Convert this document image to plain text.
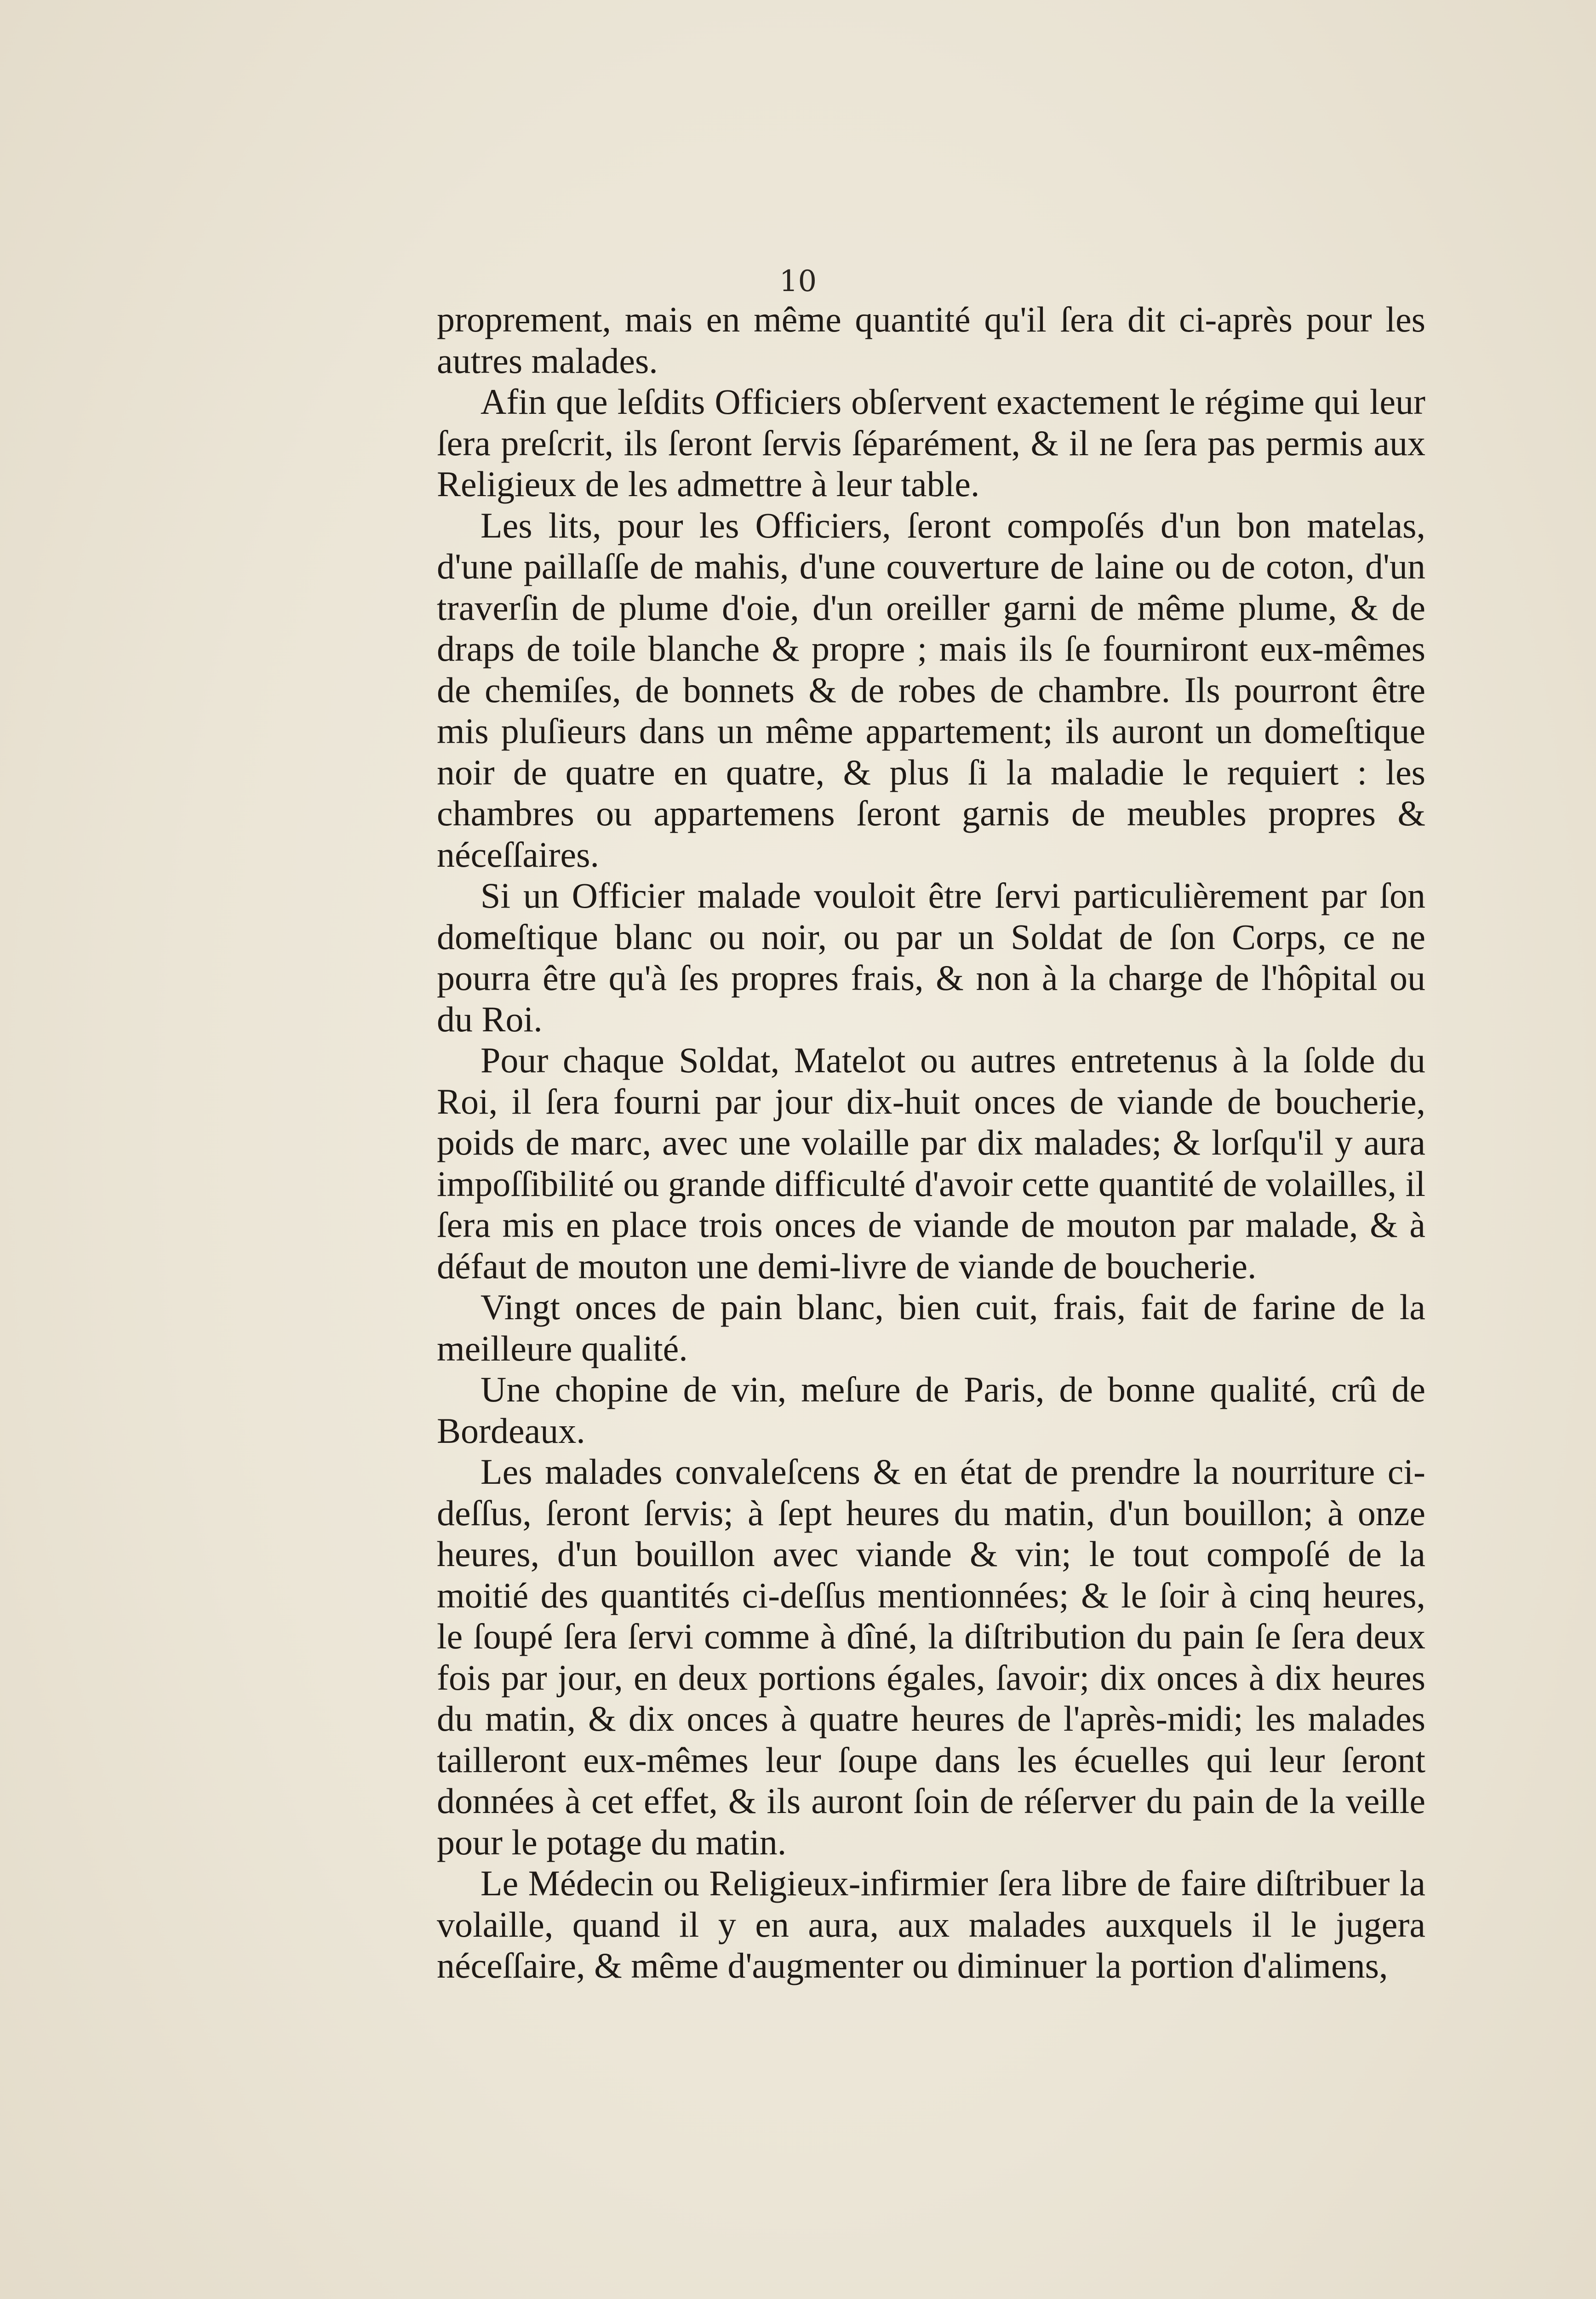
10

proprement, mais en même quantité qu'il ſera dit ci-après pour les autres malades.

Afin que leſdits Officiers obſervent exactement le régime qui leur ſera preſcrit, ils ſeront ſervis ſéparément, & il ne ſera pas permis aux Religieux de les admettre à leur table.

Les lits, pour les Officiers, ſeront compoſés d'un bon matelas, d'une paillaſſe de mahis, d'une couverture de laine ou de coton, d'un traverſin de plume d'oie, d'un oreiller garni de même plume, & de draps de toile blanche & propre ; mais ils ſe fourniront eux-mêmes de chemiſes, de bonnets & de robes de chambre. Ils pourront être mis pluſieurs dans un même appartement; ils auront un domeſtique noir de quatre en quatre, & plus ſi la maladie le requiert : les chambres ou appartemens ſeront garnis de meubles propres & néceſſaires.

Si un Officier malade vouloit être ſervi particulièrement par ſon domeſtique blanc ou noir, ou par un Soldat de ſon Corps, ce ne pourra être qu'à ſes propres frais, & non à la charge de l'hôpital ou du Roi.

Pour chaque Soldat, Matelot ou autres entretenus à la ſolde du Roi, il ſera fourni par jour dix-huit onces de viande de boucherie, poids de marc, avec une volaille par dix malades; & lorſqu'il y aura impoſſibilité ou grande difficulté d'avoir cette quantité de volailles, il ſera mis en place trois onces de viande de mouton par malade, & à défaut de mouton une demi-livre de viande de boucherie.

Vingt onces de pain blanc, bien cuit, frais, fait de farine de la meilleure qualité.

Une chopine de vin, meſure de Paris, de bonne qualité, crû de Bordeaux.

Les malades convaleſcens & en état de prendre la nourriture ci-deſſus, ſeront ſervis; à ſept heures du matin, d'un bouillon; à onze heures, d'un bouillon avec viande & vin; le tout compoſé de la moitié des quantités ci-deſſus mentionnées; & le ſoir à cinq heures, le ſoupé ſera ſervi comme à dîné, la diſtribution du pain ſe ſera deux fois par jour, en deux portions égales, ſavoir; dix onces à dix heures du matin, & dix onces à quatre heures de l'après-midi; les malades tailleront eux-mêmes leur ſoupe dans les écuelles qui leur ſeront données à cet effet, & ils auront ſoin de réſerver du pain de la veille pour le potage du matin.

Le Médecin ou Religieux-infirmier ſera libre de faire diſtribuer la volaille, quand il y en aura, aux malades auxquels il le jugera néceſſaire, & même d'augmenter ou diminuer la portion d'alimens,
